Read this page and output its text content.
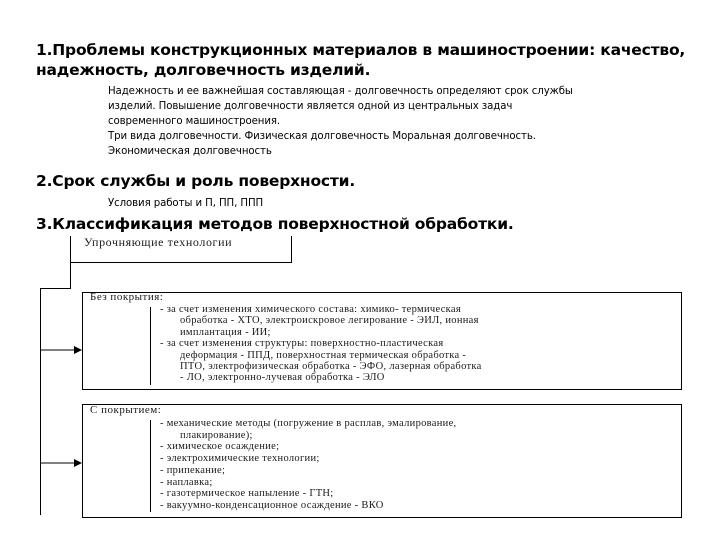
1.Проблемы конструкционных материалов в машиностроении: качество,
надежность, долговечность изделий.
Надежность и ее важнейшая составляющая - долговечность определяют срок службы
изделий. Повышение долговечности является одной из центральных задач
современного машиностроения.
Три вида долговечности. Физическая долговечность Моральная долговечность.
Экономическая долговечность
2.Срок службы и роль поверхности.
Условия работы и П, ПП, ППП
3.Классификация методов поверхностной обработки.
Упрочняющие технологии
Без покрытия:
- за счет изменения химического состава: химико- термическая
обработка - ХТО, электроискровое легирование - ЭИЛ, ионная
имплантация - ИИ;
- за счет изменения структуры: поверхностно-пластическая
деформация - ППД, поверхностная термическая обработка -
ПТО, электрофизическая обработка - ЭФО, лазерная обработка
- ЛО, электронно-лучевая обработка - ЭЛО
С покрытием:
- механические методы (погружение в расплав, эмалирование,
плакирование);
- химическое осаждение;
- электрохимические технологии;
- припекание;
- наплавка;
- газотермическое напыление - ГТН;
- вакуумно-конденсационное осаждение - ВКО
